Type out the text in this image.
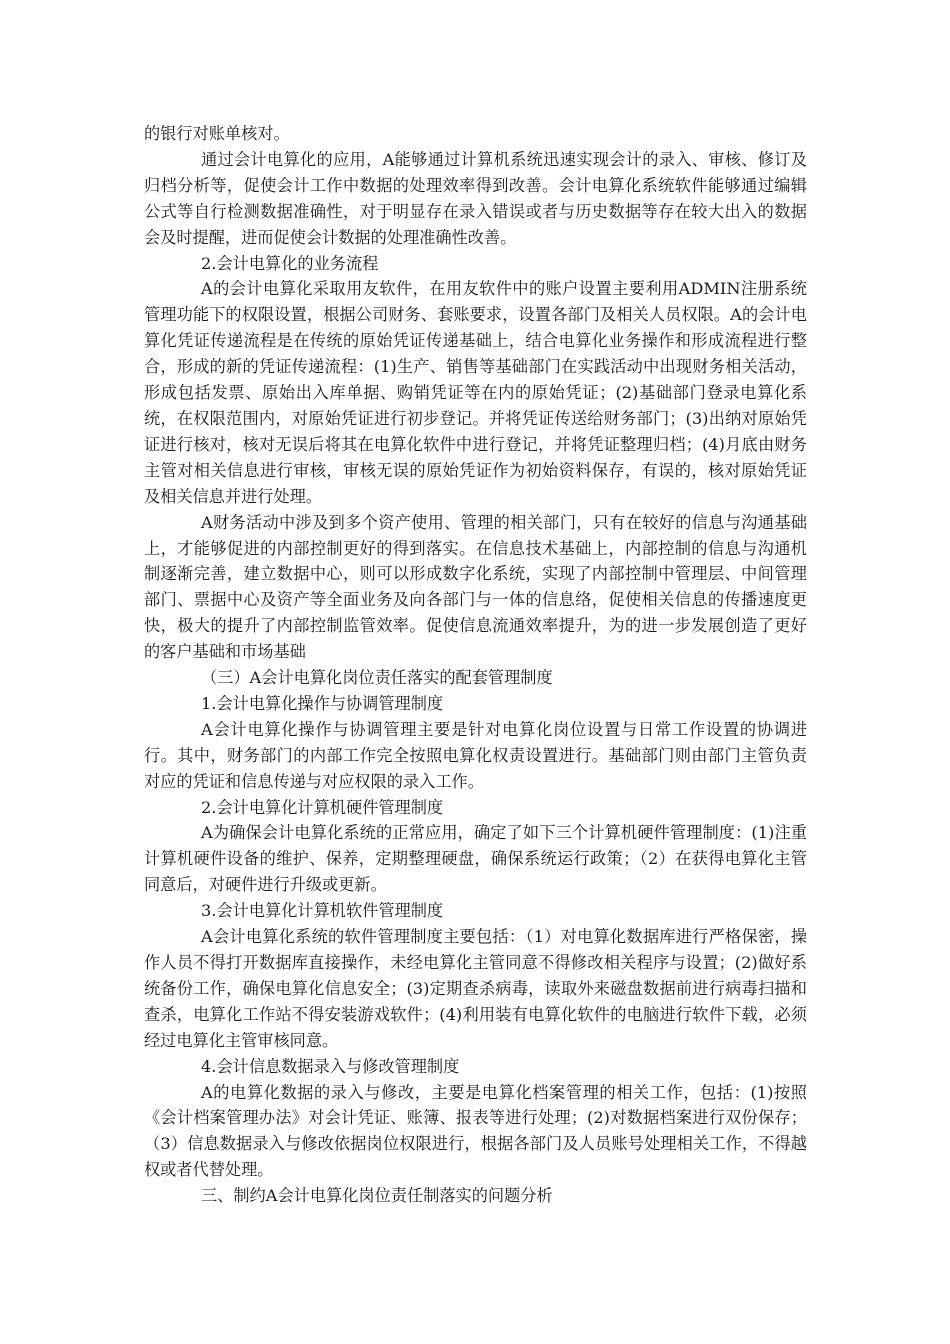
的银行对账单核对。

通过会计电算化的应用，A能够通过计算机系统迅速实现会计的录入、审核、修订及归档分析等，促使会计工作中数据的处理效率得到改善。会计电算化系统软件能够通过编辑公式等自行检测数据准确性，对于明显存在录入错误或者与历史数据等存在较大出入的数据会及时提醒，进而促使会计数据的处理准确性改善。

2.会计电算化的业务流程

A的会计电算化采取用友软件，在用友软件中的账户设置主要利用ADMIN注册系统管理功能下的权限设置，根据公司财务、套账要求，设置各部门及相关人员权限。A的会计电算化凭证传递流程是在传统的原始凭证传递基础上，结合电算化业务操作和形成流程进行整合，形成的新的凭证传递流程：(1)生产、销售等基础部门在实践活动中出现财务相关活动，形成包括发票、原始出入库单据、购销凭证等在内的原始凭证；(2)基础部门登录电算化系统，在权限范围内，对原始凭证进行初步登记。并将凭证传送给财务部门；(3)出纳对原始凭证进行核对，核对无误后将其在电算化软件中进行登记，并将凭证整理归档；(4)月底由财务主管对相关信息进行审核，审核无误的原始凭证作为初始资料保存，有误的，核对原始凭证及相关信息并进行处理。

A财务活动中涉及到多个资产使用、管理的相关部门，只有在较好的信息与沟通基础上，才能够促进的内部控制更好的得到落实。在信息技术基础上，内部控制的信息与沟通机制逐渐完善，建立数据中心，则可以形成数字化系统，实现了内部控制中管理层、中间管理部门、票据中心及资产等全面业务及向各部门与一体的信息络，促使相关信息的传播速度更快，极大的提升了内部控制监管效率。促使信息流通效率提升，为的进一步发展创造了更好的客户基础和市场基础

（三）A会计电算化岗位责任落实的配套管理制度

1.会计电算化操作与协调管理制度

A会计电算化操作与协调管理主要是针对电算化岗位设置与日常工作设置的协调进行。其中，财务部门的内部工作完全按照电算化权责设置进行。基础部门则由部门主管负责对应的凭证和信息传递与对应权限的录入工作。

2.会计电算化计算机硬件管理制度

A为确保会计电算化系统的正常应用，确定了如下三个计算机硬件管理制度：(1)注重计算机硬件设备的维护、保养，定期整理硬盘，确保系统运行政策；（2）在获得电算化主管同意后，对硬件进行升级或更新。

3.会计电算化计算机软件管理制度

A会计电算化系统的软件管理制度主要包括：（1）对电算化数据库进行严格保密，操作人员不得打开数据库直接操作，未经电算化主管同意不得修改相关程序与设置；(2)做好系统备份工作，确保电算化信息安全；(3)定期查杀病毒，读取外来磁盘数据前进行病毒扫描和查杀，电算化工作站不得安装游戏软件；(4)利用装有电算化软件的电脑进行软件下载，必须经过电算化主管审核同意。

4.会计信息数据录入与修改管理制度

A的电算化数据的录入与修改，主要是电算化档案管理的相关工作，包括：(1)按照《会计档案管理办法》对会计凭证、账簿、报表等进行处理；(2)对数据档案进行双份保存；（3）信息数据录入与修改依据岗位权限进行，根据各部门及人员账号处理相关工作，不得越权或者代替处理。

三、制约A会计电算化岗位责任制落实的问题分析
